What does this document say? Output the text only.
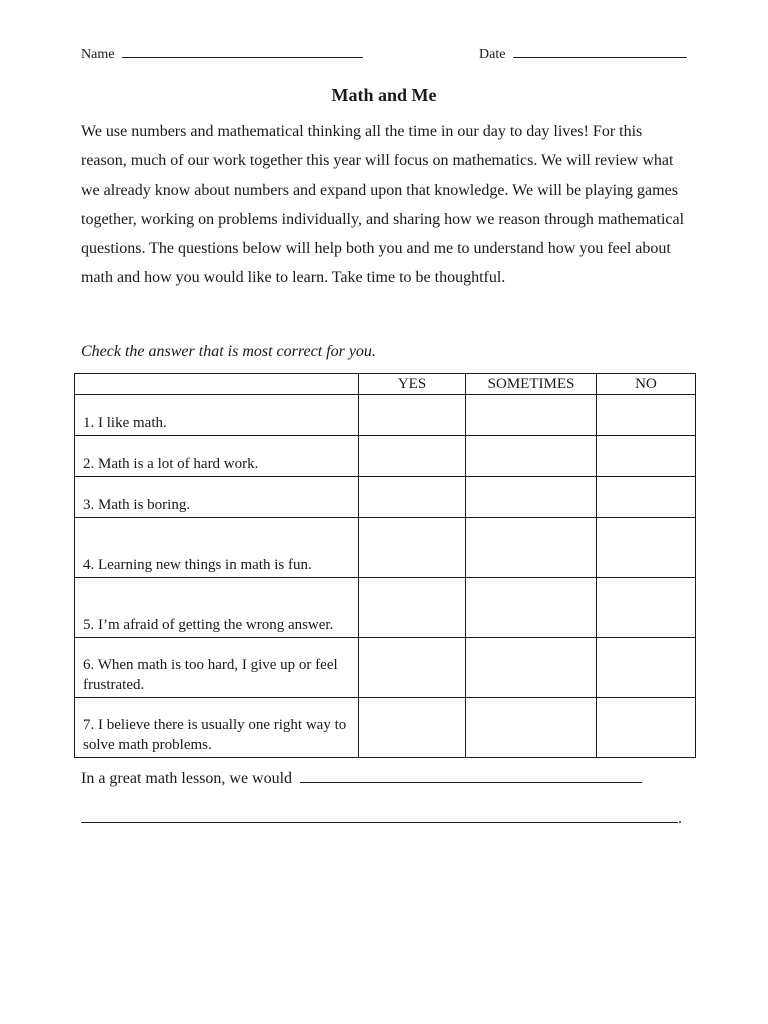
Name	Date
Math and Me

We use numbers and mathematical thinking all the time in our day to day lives! For this reason, much of our work together this year will focus on mathematics. We will review what we already know about numbers and expand upon that knowledge. We will be playing games together, working on problems individually, and sharing how we reason through mathematical questions. The questions below will help both you and me to understand how you feel about math and how you would like to learn. Take time to be thoughtful.

Check the answer that is most correct for you.

	YES	SOMETIMES	NO
1. I like math.			
2. Math is a lot of hard work.			
3. Math is boring.			
4. Learning new things in math is fun.			
5. I’m afraid of getting the wrong answer.			
6. When math is too hard, I give up or feel frustrated.			
7. I believe there is usually one right way to solve math problems.			
In a great math lesson, we would
.
